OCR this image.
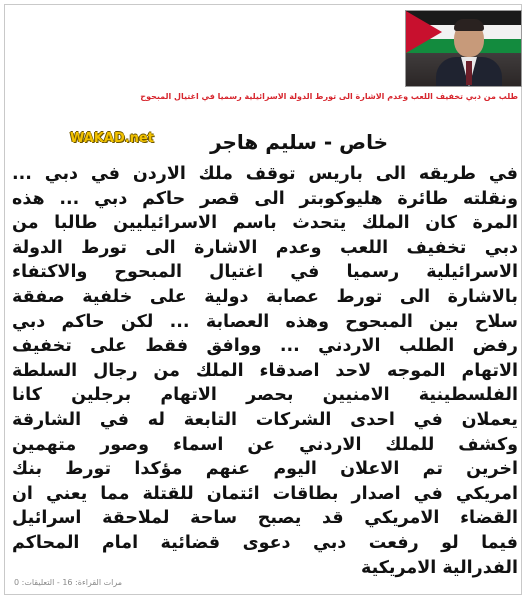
طلب من دبي تخفيف اللعب وعدم الاشارة الى تورط الدولة الاسرائيلية رسميا في اغتيال المبحوح
WAKAD.net	خاص - سليم هاجر
في طريقه الى باريس توقف ملك الاردن في دبي ...
ونقلته طائرة هليوكوبتر الى قصر حاكم دبي ... هذه
المرة كان الملك يتحدث باسم الاسرائيليين طالبا من
دبي تخفيف اللعب وعدم الاشارة الى تورط الدولة
الاسرائيلية رسميا في اغتيال المبحوح والاكتفاء
بالاشارة الى تورط عصابة دولية على خلفية صفقة
سلاح بين المبحوح وهذه العصابة ... لكن حاكم دبي
رفض الطلب الاردني ... ووافق فقط على تخفيف
الاتهام الموجه لاحد اصدقاء الملك من رجال السلطة
الفلسطينية الامنيين بحصر الاتهام برجلين كانا
يعملان في احدى الشركات التابعة له في الشارقة
وكشف للملك الاردني عن اسماء وصور متهمين
اخرين تم الاعلان اليوم عنهم مؤكدا تورط بنك
امريكي في اصدار بطاقات ائتمان للقتلة مما يعني ان
القضاء الامريكي قد يصبح ساحة لملاحقة اسرائيل
فيما لو رفعت دبي دعوى قضائية امام المحاكم
الفدرالية الامريكية
مرات القراءة: 16 - التعليقات: 0
